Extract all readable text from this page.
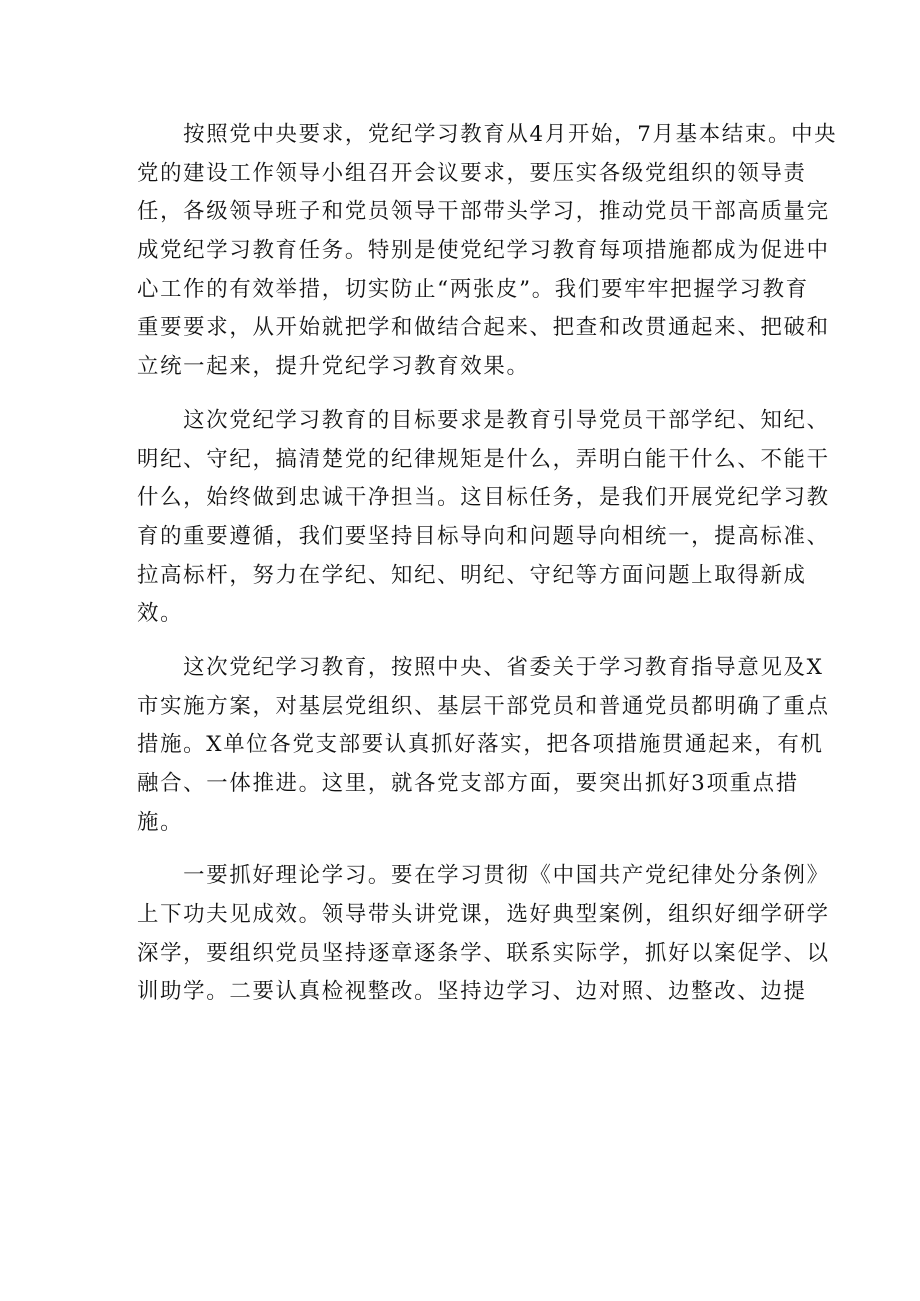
　　按照党中央要求，党纪学习教育从4月开始，7月基本结束。中央
党的建设工作领导小组召开会议要求，要压实各级党组织的领导责
任，各级领导班子和党员领导干部带头学习，推动党员干部高质量完
成党纪学习教育任务。特别是使党纪学习教育每项措施都成为促进中
心工作的有效举措，切实防止“两张皮”。我们要牢牢把握学习教育
重要要求，从开始就把学和做结合起来、把查和改贯通起来、把破和
立统一起来，提升党纪学习教育效果。
　　这次党纪学习教育的目标要求是教育引导党员干部学纪、知纪、
明纪、守纪，搞清楚党的纪律规矩是什么，弄明白能干什么、不能干
什么，始终做到忠诚干净担当。这目标任务，是我们开展党纪学习教
育的重要遵循，我们要坚持目标导向和问题导向相统一，提高标准、
拉高标杆，努力在学纪、知纪、明纪、守纪等方面问题上取得新成
效。
　　这次党纪学习教育，按照中央、省委关于学习教育指导意见及X
市实施方案，对基层党组织、基层干部党员和普通党员都明确了重点
措施。X单位各党支部要认真抓好落实，把各项措施贯通起来，有机
融合、一体推进。这里，就各党支部方面，要突出抓好3项重点措
施。
　　一要抓好理论学习。要在学习贯彻《中国共产党纪律处分条例》
上下功夫见成效。领导带头讲党课，选好典型案例，组织好细学研学
深学，要组织党员坚持逐章逐条学、联系实际学，抓好以案促学、以
训助学。二要认真检视整改。坚持边学习、边对照、边整改、边提
